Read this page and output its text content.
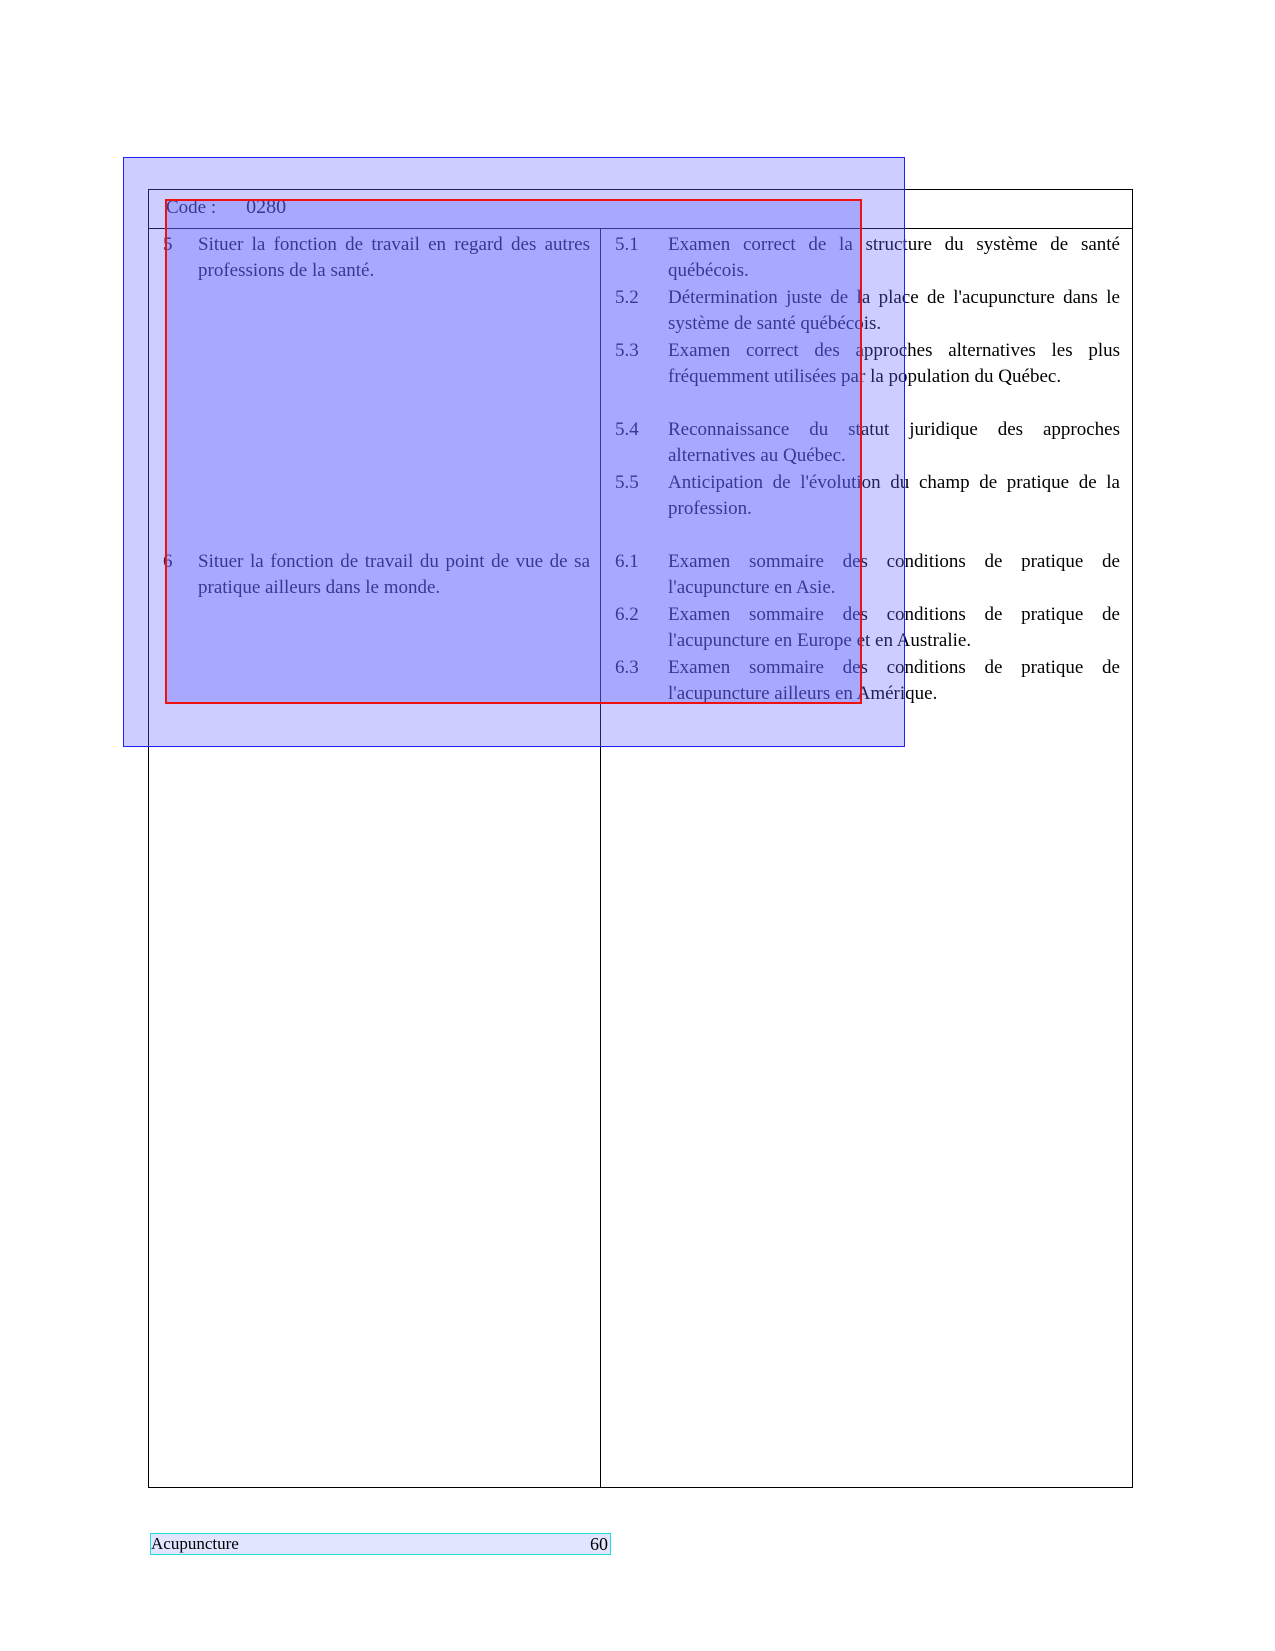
Code : 0280
5 Situer la fonction de travail en regard des autres professions de la santé.
5.1 Examen correct de la structure du système de santé québécois.
5.2 Détermination juste de la place de l'acupuncture dans le système de santé québécois.
5.3 Examen correct des approches alternatives les plus fréquemment utilisées par la population du Québec.
5.4 Reconnaissance du statut juridique des approches alternatives au Québec.
5.5 Anticipation de l'évolution du champ de pratique de la profession.
6 Situer la fonction de travail du point de vue de sa pratique ailleurs dans le monde.
6.1 Examen sommaire des conditions de pratique de l'acupuncture en Asie.
6.2 Examen sommaire des conditions de pratique de l'acupuncture en Europe et en Australie.
6.3 Examen sommaire des conditions de pratique de l'acupuncture ailleurs en Amérique.
Acupuncture	60
